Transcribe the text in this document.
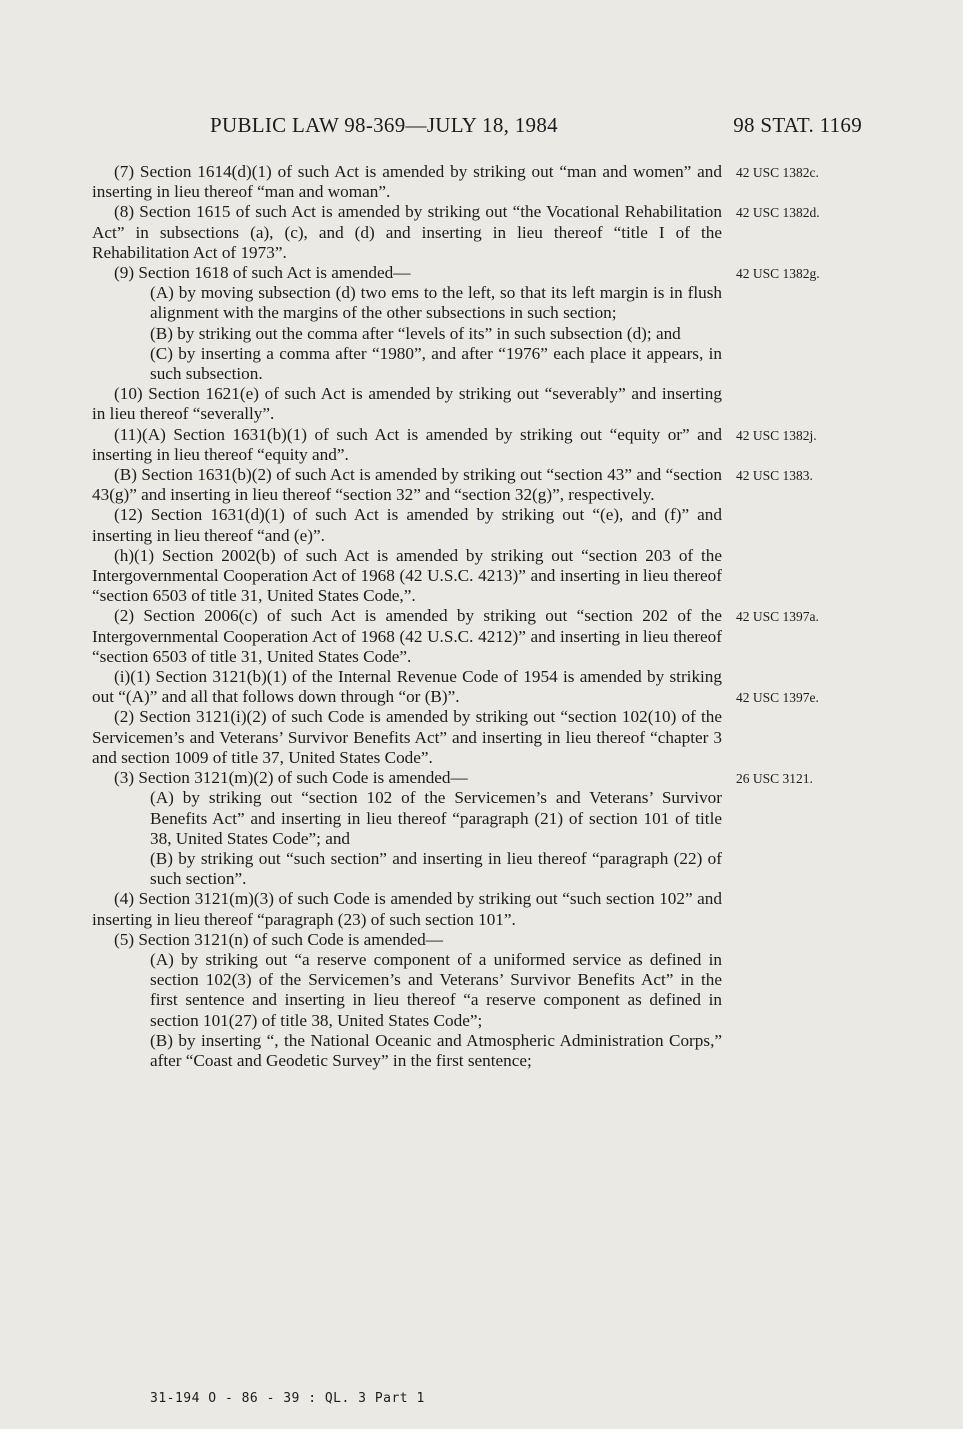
PUBLIC LAW 98-369—JULY 18, 1984	98 STAT. 1169

(7) Section 1614(d)(1) of such Act is amended by striking out “man and women” and inserting in lieu thereof “man and woman”.

(8) Section 1615 of such Act is amended by striking out “the Vocational Rehabilitation Act” in subsections (a), (c), and (d) and inserting in lieu thereof “title I of the Rehabilitation Act of 1973”.

(9) Section 1618 of such Act is amended—

(A) by moving subsection (d) two ems to the left, so that its left margin is in flush alignment with the margins of the other subsections in such section;

(B) by striking out the comma after “levels of its” in such subsection (d); and

(C) by inserting a comma after “1980”, and after “1976” each place it appears, in such subsection.

(10) Section 1621(e) of such Act is amended by striking out “severably” and inserting in lieu thereof “severally”.

(11)(A) Section 1631(b)(1) of such Act is amended by striking out “equity or” and inserting in lieu thereof “equity and”.

(B) Section 1631(b)(2) of such Act is amended by striking out “section 43” and “section 43(g)” and inserting in lieu thereof “section 32” and “section 32(g)”, respectively.

(12) Section 1631(d)(1) of such Act is amended by striking out “(e), and (f)” and inserting in lieu thereof “and (e)”.

(h)(1) Section 2002(b) of such Act is amended by striking out “section 203 of the Intergovernmental Cooperation Act of 1968 (42 U.S.C. 4213)” and inserting in lieu thereof “section 6503 of title 31, United States Code,”.

(2) Section 2006(c) of such Act is amended by striking out “section 202 of the Intergovernmental Cooperation Act of 1968 (42 U.S.C. 4212)” and inserting in lieu thereof “section 6503 of title 31, United States Code”.

(i)(1) Section 3121(b)(1) of the Internal Revenue Code of 1954 is amended by striking out “(A)” and all that follows down through “or (B)”.

(2) Section 3121(i)(2) of such Code is amended by striking out “section 102(10) of the Servicemen’s and Veterans’ Survivor Benefits Act” and inserting in lieu thereof “chapter 3 and section 1009 of title 37, United States Code”.

(3) Section 3121(m)(2) of such Code is amended—

(A) by striking out “section 102 of the Servicemen’s and Veterans’ Survivor Benefits Act” and inserting in lieu thereof “paragraph (21) of section 101 of title 38, United States Code”; and

(B) by striking out “such section” and inserting in lieu thereof “paragraph (22) of such section”.

(4) Section 3121(m)(3) of such Code is amended by striking out “such section 102” and inserting in lieu thereof “paragraph (23) of such section 101”.

(5) Section 3121(n) of such Code is amended—

(A) by striking out “a reserve component of a uniformed service as defined in section 102(3) of the Servicemen’s and Veterans’ Survivor Benefits Act” in the first sentence and inserting in lieu thereof “a reserve component as defined in section 101(27) of title 38, United States Code”;

(B) by inserting “, the National Oceanic and Atmospheric Administration Corps,” after “Coast and Geodetic Survey” in the first sentence;

42 USC 1382c.
42 USC 1382d.
42 USC 1382g.
42 USC 1382j.
42 USC 1383.
42 USC 1397a.
42 USC 1397e.
26 USC 3121.
31-194 O - 86 - 39 : QL. 3 Part 1
